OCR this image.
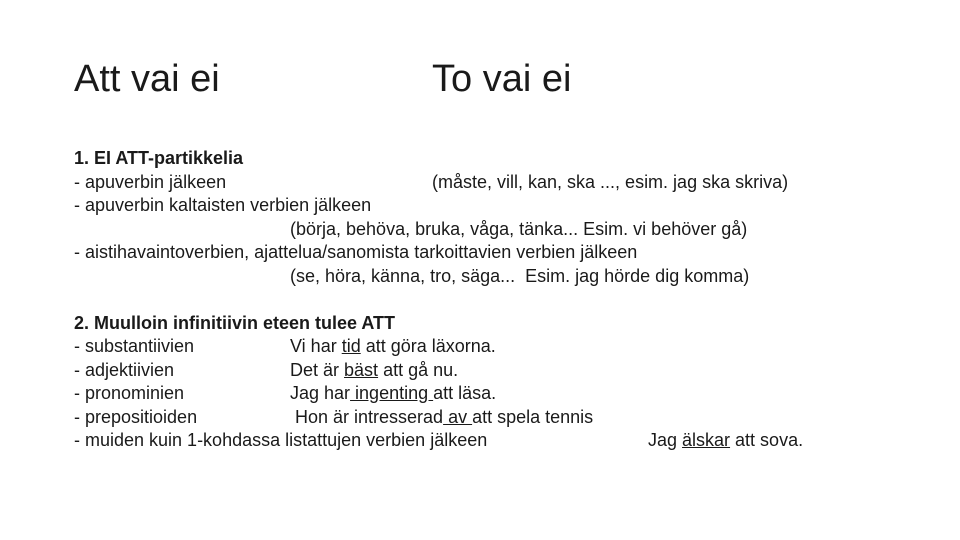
Att vai ei	To vai ei
1. EI ATT-partikkelia
- apuverbin jälkeen	(måste, vill, kan, ska ..., esim. jag ska skriva)
- apuverbin kaltaisten verbien jälkeen
(börja, behöva, bruka, våga, tänka... Esim. vi behöver gå)
- aistihavaintoverbien, ajattelua/sanomista tarkoittavien verbien jälkeen
(se, höra, känna, tro, säga...  Esim. jag hörde dig komma)
2. Muulloin infinitiivin eteen tulee ATT
- substantiivien	Vi har tid att göra läxorna.
- adjektiivien	Det är bäst att gå nu.
- pronominien	Jag har ingenting att läsa.
- prepositioiden	Hon är intresserad av att spela tennis
- muiden kuin 1-kohdassa listattujen verbien jälkeen	Jag älskar att sova.
